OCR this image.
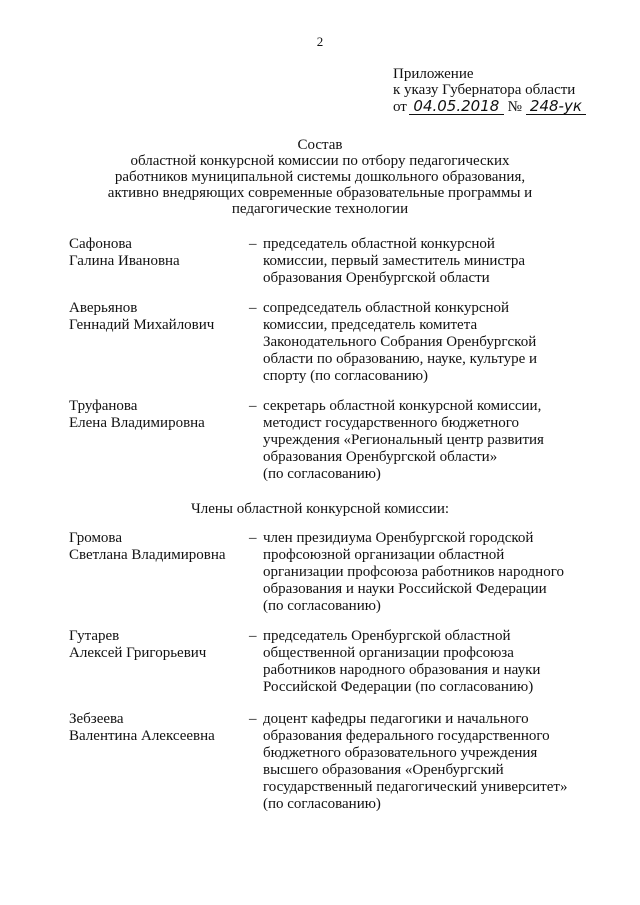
2
Приложение
к указу Губернатора области
от 04.05.2018 № 248-ук
Состав
областной конкурсной комиссии по отбору педагогических
работников муниципальной системы дошкольного образования,
активно внедряющих современные образовательные программы и
педагогические технологии
Сафонова
Галина Ивановна
– председатель областной конкурсной
комиссии, первый заместитель министра
образования Оренбургской области
Аверьянов
Геннадий Михайлович
– сопредседатель областной конкурсной
комиссии, председатель комитета
Законодательного Собрания Оренбургской
области по образованию, науке, культуре и
спорту (по согласованию)
Труфанова
Елена Владимировна
– секретарь областной конкурсной комиссии,
методист государственного бюджетного
учреждения «Региональный центр развития
образования Оренбургской области»
(по согласованию)
Члены областной конкурсной комиссии:
Громова
Светлана Владимировна
– член президиума Оренбургской городской
профсоюзной организации областной
организации профсоюза работников народного
образования и науки Российской Федерации
(по согласованию)
Гутарев
Алексей Григорьевич
– председатель Оренбургской областной
общественной организации профсоюза
работников народного образования и науки
Российской Федерации (по согласованию)
Зебзеева
Валентина Алексеевна
– доцент кафедры педагогики и начального
образования федерального государственного
бюджетного образовательного учреждения
высшего образования «Оренбургский
государственный педагогический университет»
(по согласованию)
